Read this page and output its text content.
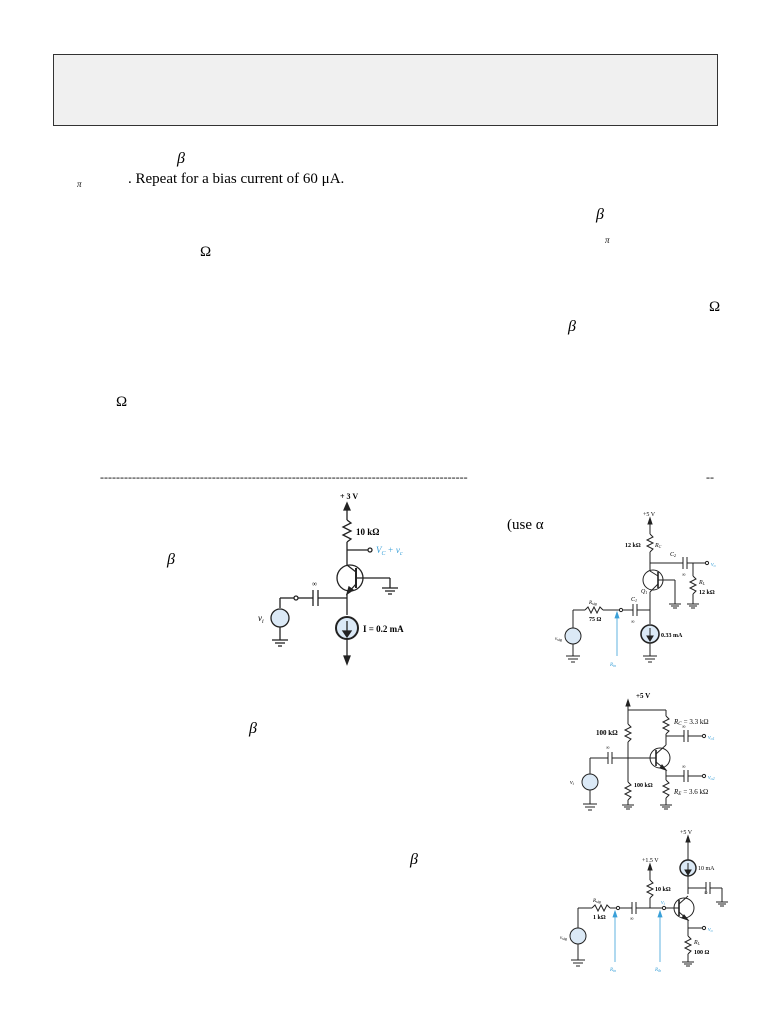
β
π	. Repeat for a bias current of 60 μA.
β
π
Ω
Ω
β
Ω
--------------------------------------------------------------------------------------------	--
β
(use α
β
β
+ 3 V
10 kΩ
$V_C + v_c$
∞
$v_i$
I = 0.2 mA
+5 V
12 kΩ RC
C2
∞
vo
RL
12 kΩ
Q1
$R_{sig}$
75 Ω
C1
∞
$v_{sig}$
0.33 mA
$R_{in}$
+5 V
RC = 3.3 kΩ
100 kΩ
∞
∞
∞
vo1
vo2
100 kΩ
RE = 3.6 kΩ
vi
+5 V
10 mA
+1.5 V
10 kΩ
∞
$R_{sig}$
1 kΩ	∞
vi
vo
RL
100 Ω
$v_{sig}$
$R_{in}$	$R_{ib}$
